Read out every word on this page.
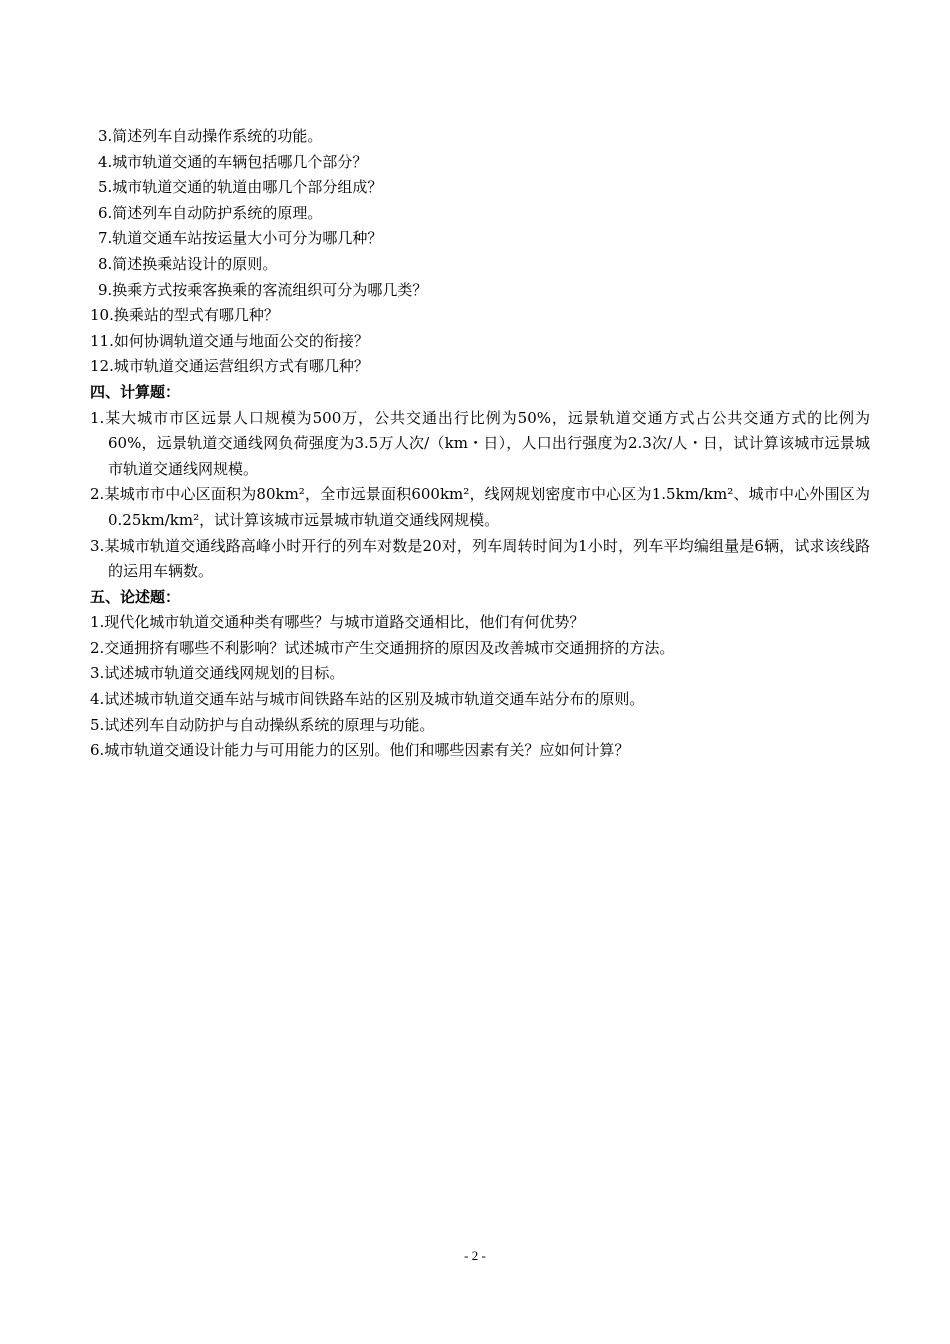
3.简述列车自动操作系统的功能。
4.城市轨道交通的车辆包括哪几个部分？
5.城市轨道交通的轨道由哪几个部分组成？
6.简述列车自动防护系统的原理。
7.轨道交通车站按运量大小可分为哪几种？
8.简述换乘站设计的原则。
9.换乘方式按乘客换乘的客流组织可分为哪几类？
10.换乘站的型式有哪几种？
11.如何协调轨道交通与地面公交的衔接？
12.城市轨道交通运营组织方式有哪几种？
四、计算题：
1.某大城市市区远景人口规模为500万，公共交通出行比例为50%，远景轨道交通方式占公共交通方式的比例为60%，远景轨道交通线网负荷强度为3.5万人次/（km・日），人口出行强度为2.3次/人・日，试计算该城市远景城市轨道交通线网规模。
2.某城市市中心区面积为80km²，全市远景面积600km²，线网规划密度市中心区为1.5km/km²、城市中心外围区为0.25km/km²，试计算该城市远景城市轨道交通线网规模。
3.某城市轨道交通线路高峰小时开行的列车对数是20对，列车周转时间为1小时，列车平均编组量是6辆，试求该线路的运用车辆数。
五、论述题：
1.现代化城市轨道交通种类有哪些？与城市道路交通相比，他们有何优势？
2.交通拥挤有哪些不利影响？试述城市产生交通拥挤的原因及改善城市交通拥挤的方法。
3.试述城市轨道交通线网规划的目标。
4.试述城市轨道交通车站与城市间铁路车站的区别及城市轨道交通车站分布的原则。
5.试述列车自动防护与自动操纵系统的原理与功能。
6.城市轨道交通设计能力与可用能力的区别。他们和哪些因素有关？应如何计算？
- 2 -
